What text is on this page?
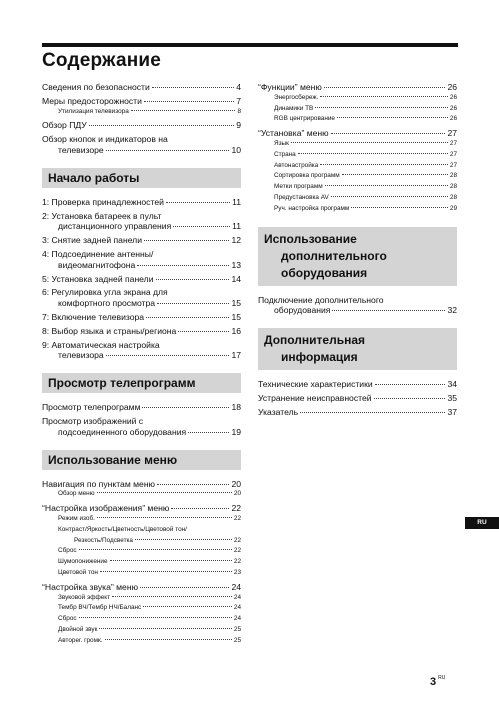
Содержание
Сведения по безопасности	4
Меры предосторожности	7
Утилизация телевизора	8
Обзор ПДУ	9
Обзор кнопок и индикаторов на
телевизоре	10
Начало работы
1: Проверка принадлежностей	11
2: Установка батареек в пульт
дистанционного управления	11
3: Снятие задней панели	12
4: Подсоединение антенны/
видеомагнитофона	13
5: Установка задней панели	14
6: Регулировка угла экрана для
комфортного просмотра	15
7: Включение телевизора	15
8: Выбор языка и страны/региона	16
9: Автоматическая настройка
телевизора	17
Просмотр телепрограмм
Просмотр телепрограмм	18
Просмотр изображений с
подсоединенного оборудования	19
Использование меню
Навигация по пунктам меню	20
Обзор меню	20
“Настройка изображения” меню	22
Режим изоб.	22
Контраст/Яркость/Цветность/Цветовой тон/
Резкость/Подсветка	22
Сброс	22
Шумопонижение	22
Цветовой тон	23
“Настройка звука” меню	24
Звуковой эффект	24
Тембр ВЧ/Тембр НЧ/Баланс	24
Сброс	24
Двойной звук	25
Авторег. громк.	25
“Функции” меню	26
Энергосбереж.	26
Динамики ТВ	26
RGB центрирование	26
“Установка” меню	27
Язык	27
Страна	27
Автонастройка	27
Сортировка программ	28
Метки программ	28
Предустановка AV	28
Руч. настройка программ	29
Использование
дополнительного
оборудования
Подключение дополнительного
оборудования	32
Дополнительная
информация
Технические характеристики	34
Устранение неисправностей	35
Указатель	37
RU
3 $^{RU}$
